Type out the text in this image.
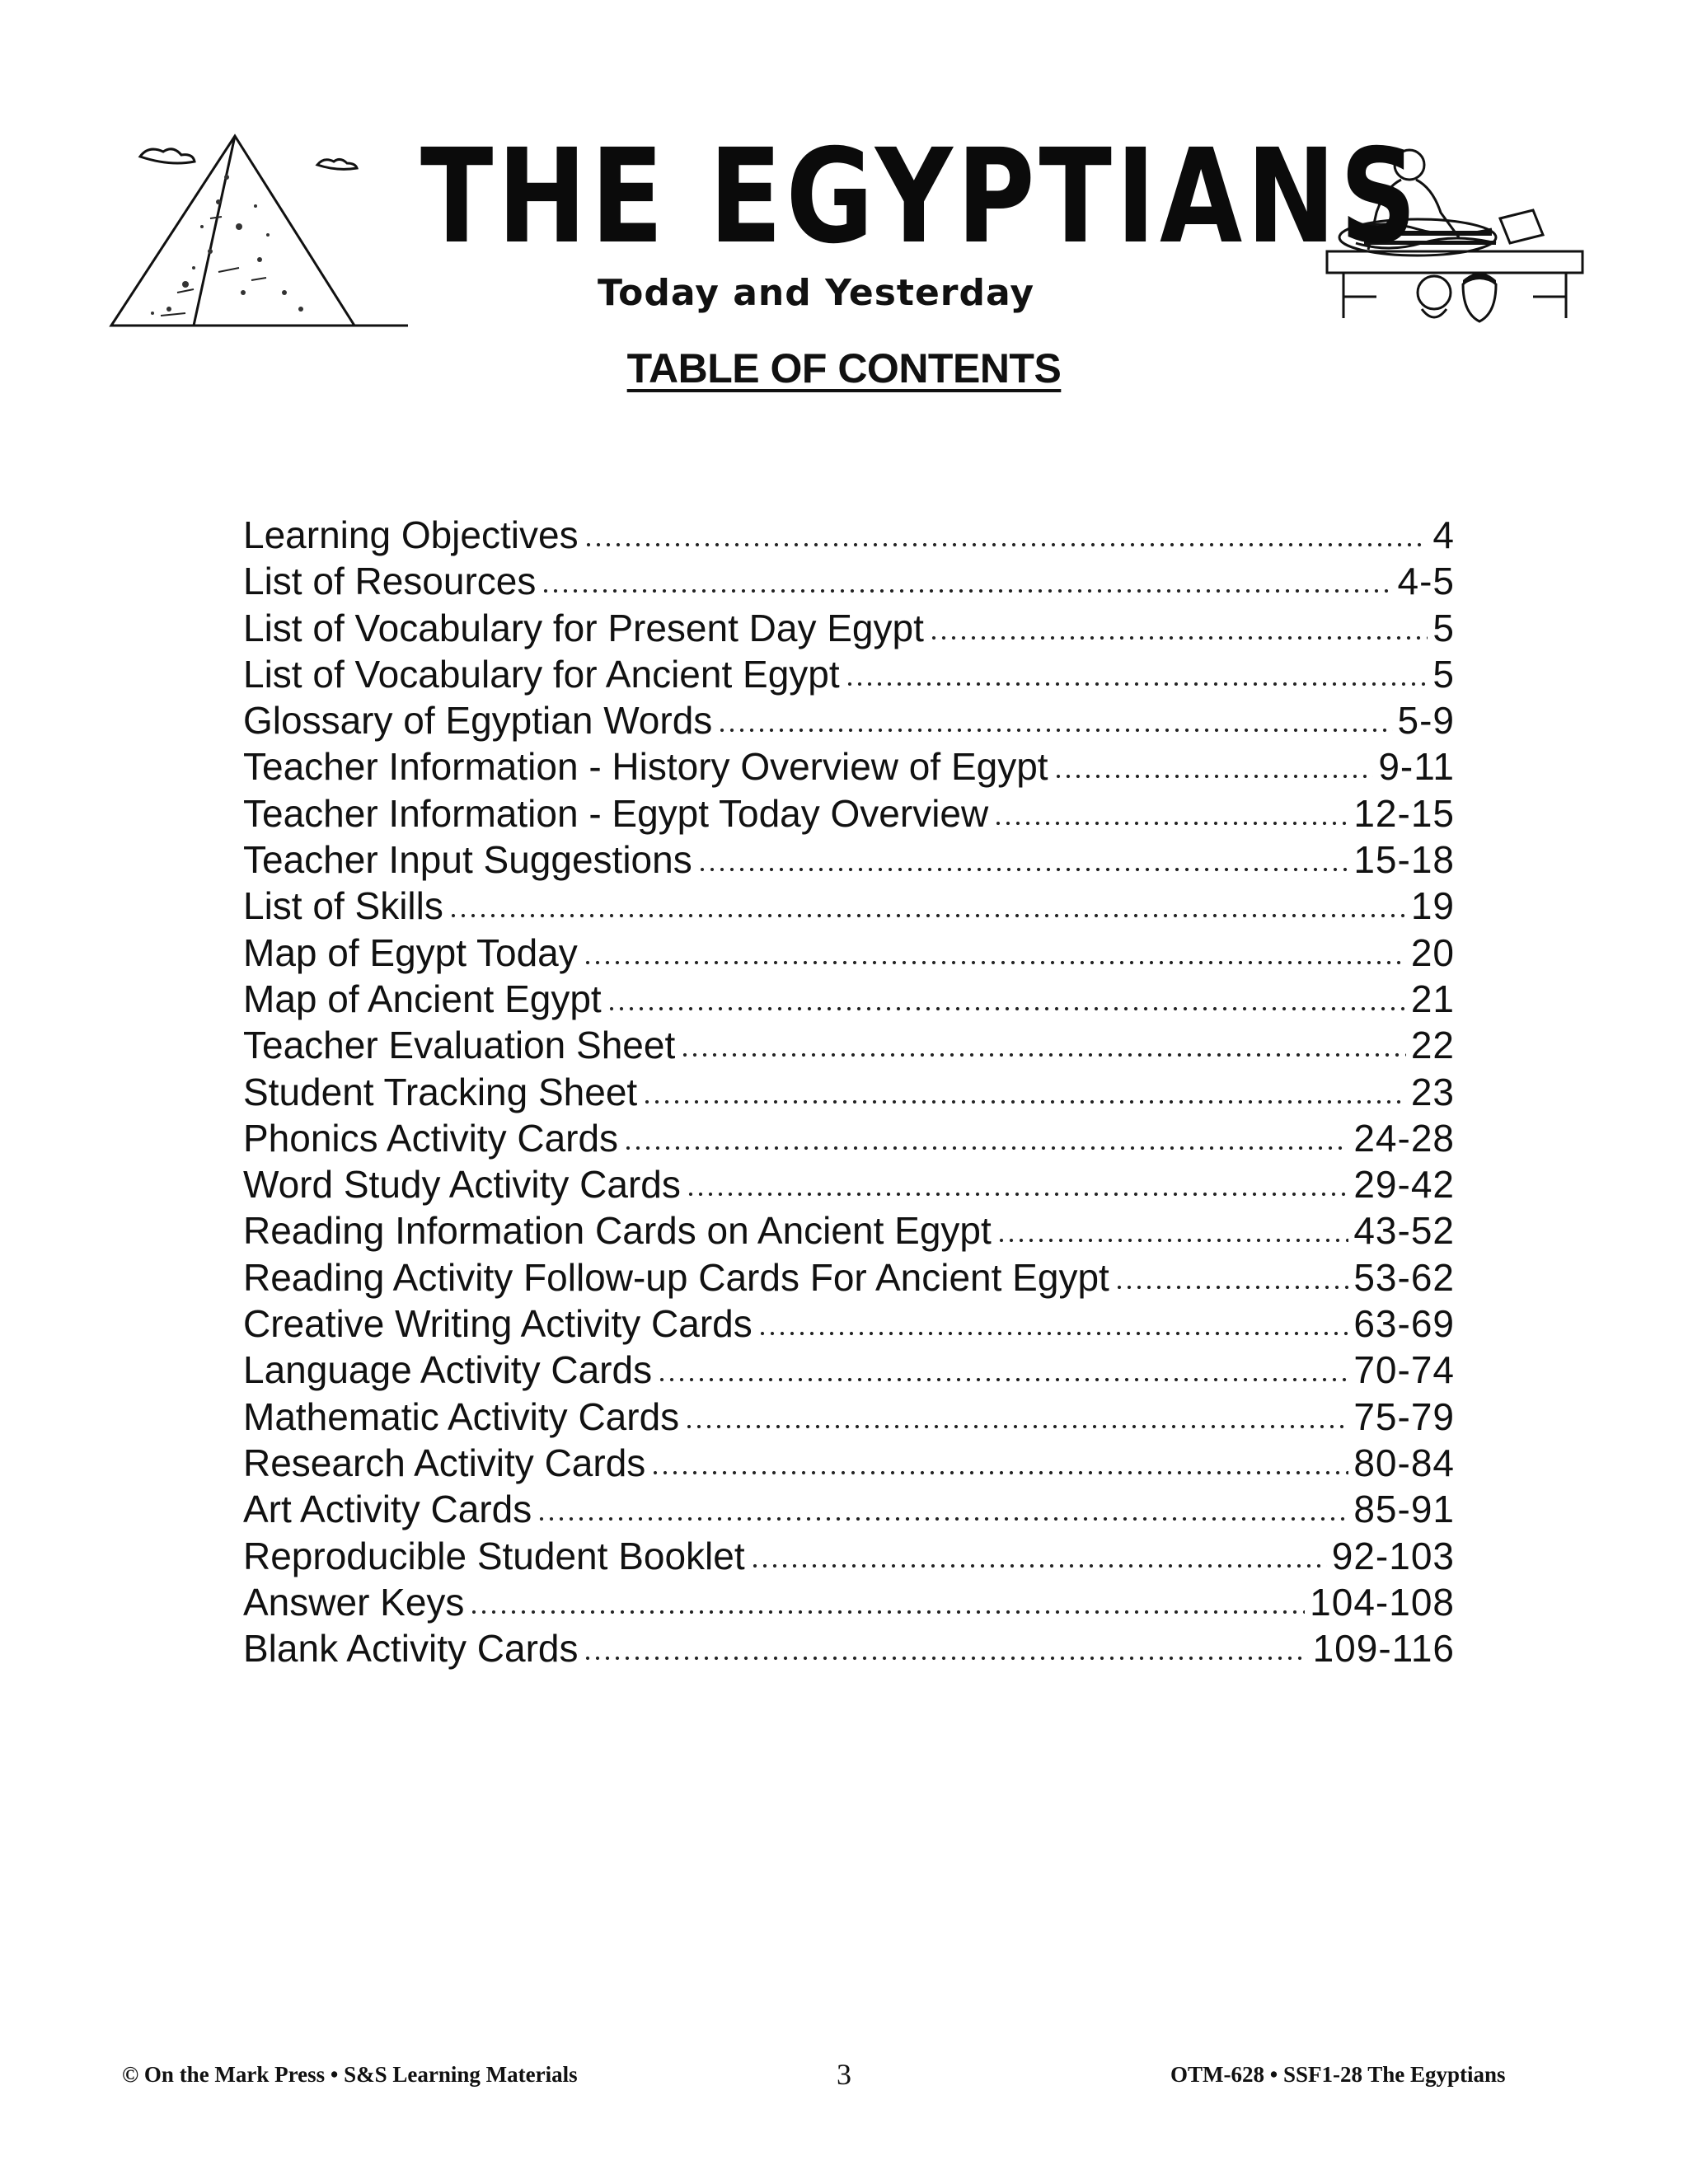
THE EGYPTIANS
Today and Yesterday
TABLE OF CONTENTS
Learning Objectives	4
List of Resources	4-5
List of Vocabulary for Present Day Egypt	5
List of Vocabulary for Ancient Egypt	5
Glossary of Egyptian Words	5-9
Teacher Information - History Overview of Egypt	9-11
Teacher Information - Egypt Today Overview	12-15
Teacher Input Suggestions	15-18
List of Skills	19
Map of Egypt Today	20
Map of Ancient Egypt	21
Teacher Evaluation Sheet	22
Student Tracking Sheet	23
Phonics Activity Cards	24-28
Word Study Activity Cards	29-42
Reading Information Cards on Ancient Egypt	43-52
Reading Activity Follow-up Cards For Ancient Egypt	53-62
Creative Writing Activity Cards	63-69
Language Activity Cards	70-74
Mathematic Activity Cards	75-79
Research Activity Cards	80-84
Art Activity Cards	85-91
Reproducible Student Booklet	92-103
Answer Keys	104-108
Blank Activity Cards	109-116
© On the Mark Press • S&S Learning Materials	3	OTM-628 • SSF1-28 The Egyptians
